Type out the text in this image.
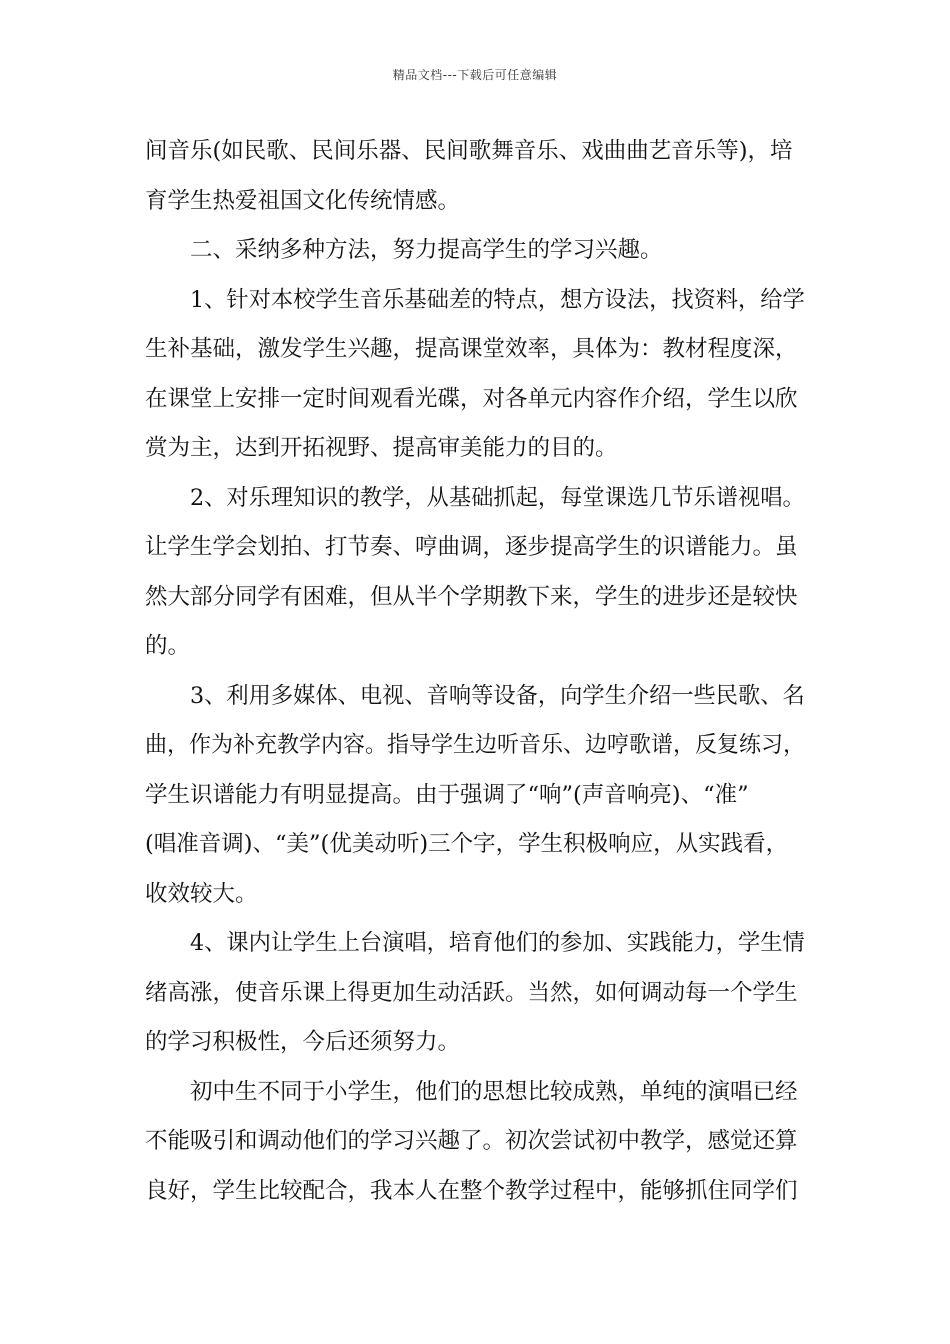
精品文档---下载后可任意编辑
间音乐(如民歌、民间乐器、民间歌舞音乐、戏曲曲艺音乐等)，培
育学生热爱祖国文化传统情感。
二、采纳多种方法，努力提高学生的学习兴趣。
1、针对本校学生音乐基础差的特点，想方设法，找资料，给学
生补基础，激发学生兴趣，提高课堂效率，具体为：教材程度深，
在课堂上安排一定时间观看光碟，对各单元内容作介绍，学生以欣
赏为主，达到开拓视野、提高审美能力的目的。
2、对乐理知识的教学，从基础抓起，每堂课选几节乐谱视唱。
让学生学会划拍、打节奏、哼曲调，逐步提高学生的识谱能力。虽
然大部分同学有困难，但从半个学期教下来，学生的进步还是较快
的。
3、利用多媒体、电视、音响等设备，向学生介绍一些民歌、名
曲，作为补充教学内容。指导学生边听音乐、边哼歌谱，反复练习，
学生识谱能力有明显提高。由于强调了“响”(声音响亮)、“准”
(唱准音调)、“美”(优美动听)三个字，学生积极响应，从实践看，
收效较大。
4、课内让学生上台演唱，培育他们的参加、实践能力，学生情
绪高涨，使音乐课上得更加生动活跃。当然，如何调动每一个学生
的学习积极性，今后还须努力。
初中生不同于小学生，他们的思想比较成熟，单纯的演唱已经
不能吸引和调动他们的学习兴趣了。初次尝试初中教学，感觉还算
良好，学生比较配合，我本人在整个教学过程中，能够抓住同学们
